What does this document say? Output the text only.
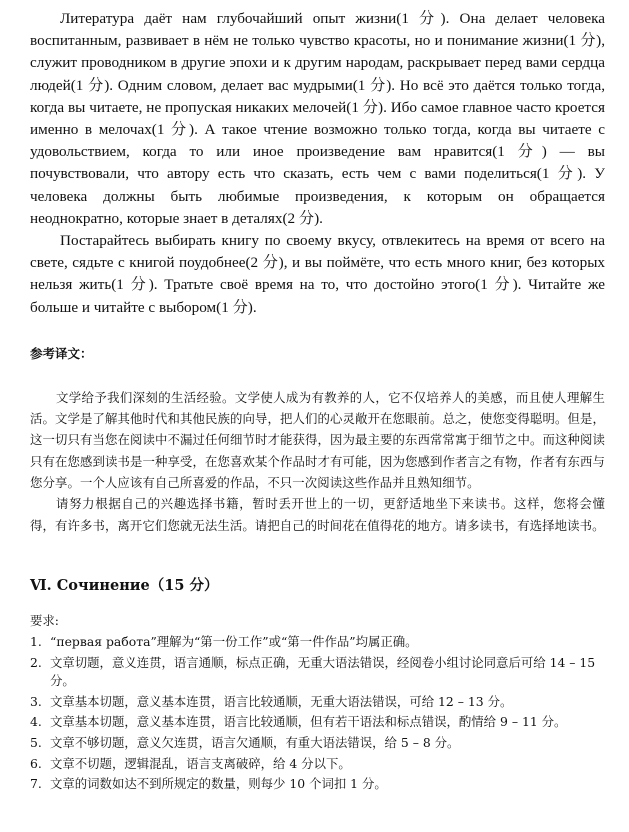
Литература даёт нам глубочайший опыт жизни(1 分). Она делает человека воспитанным, развивает в нём не только чувство красоты, но и понимание жизни(1 分), служит проводником в другие эпохи и к другим народам, раскрывает перед вами сердца людей(1 分). Одним словом, делает вас мудрыми(1 分). Но всё это даётся только тогда, когда вы читаете, не пропуская никаких мелочей(1 分). Ибо самое главное часто кроется именно в мелочах(1 分). А такое чтение возможно только тогда, когда вы читаете с удовольствием, когда то или иное произведение вам нравится(1 分) — вы почувствовали, что автору есть что сказать, есть чем с вами поделиться(1 分). У человека должны быть любимые произведения, к которым он обращается неоднократно, которые знает в деталях(2 分).

Постарайтесь выбирать книгу по своему вкусу, отвлекитесь на время от всего на свете, сядьте с книгой поудобнее(2 分), и вы поймёте, что есть много книг, без которых нельзя жить(1 分). Тратьте своё время на то, что достойно этого(1 分). Читайте же больше и читайте с выбором(1 分).

参考译文：

文学给予我们深刻的生活经验。文学使人成为有教养的人，它不仅培养人的美感，而且使人理解生活。文学是了解其他时代和其他民族的向导，把人们的心灵敞开在您眼前。总之，使您变得聪明。但是，这一切只有当您在阅读中不漏过任何细节时才能获得，因为最主要的东西常常寓于细节之中。而这种阅读只有在您感到读书是一种享受，在您喜欢某个作品时才有可能，因为您感到作者言之有物，作者有东西与您分享。一个人应该有自己所喜爱的作品，不只一次阅读这些作品并且熟知细节。

请努力根据自己的兴趣选择书籍，暂时丢开世上的一切，更舒适地坐下来读书。这样，您将会懂得，有许多书，离开它们您就无法生活。请把自己的时间花在值得花的地方。请多读书，有选择地读书。

Ⅵ. Сочинение（15 分）
要求:
1. “первая работа”理解为“第一份工作”或“第一件作品”均属正确。
2. 文章切题，意义连贯，语言通顺，标点正确，无重大语法错误，经阅卷小组讨论同意后可给 14 – 15 分。
3. 文章基本切题，意义基本连贯，语言比较通顺，无重大语法错误，可给 12 – 13 分。
4. 文章基本切题，意义基本连贯，语言比较通顺，但有若干语法和标点错误，酌情给 9 – 11 分。
5. 文章不够切题，意义欠连贯，语言欠通顺，有重大语法错误，给 5 – 8 分。
6. 文章不切题，逻辑混乱，语言支离破碎，给 4 分以下。
7. 文章的词数如达不到所规定的数量，则每少 10 个词扣 1 分。
